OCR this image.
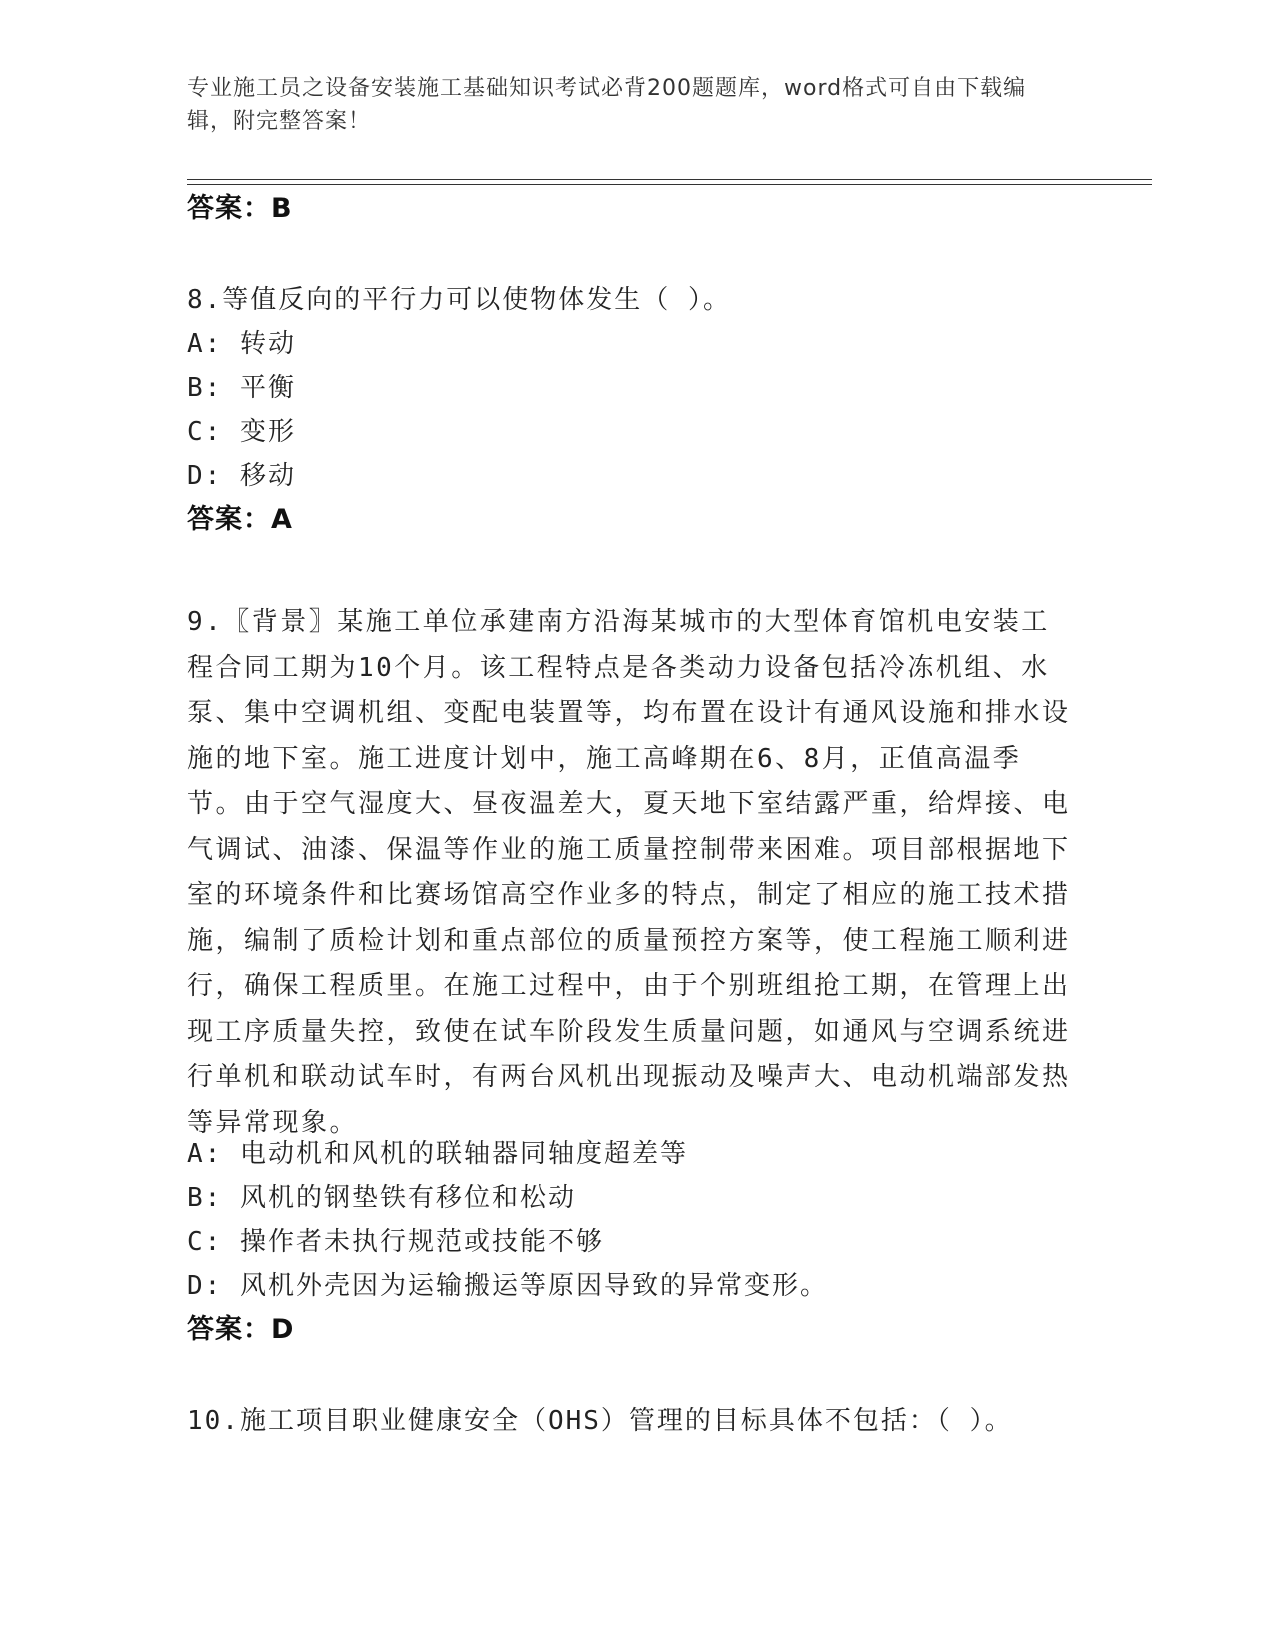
专业施工员之设备安装施工基础知识考试必背200题题库，word格式可自由下载编辑，附完整答案！

答案：B

8.等值反向的平行力可以使物体发生（ ）。

A: 转动

B: 平衡

C: 变形

D: 移动

答案：A

9.〖背景〗某施工单位承建南方沿海某城市的大型体育馆机电安装工程合同工期为10个月。该工程特点是各类动力设备包括冷冻机组、水泵、集中空调机组、变配电装置等，均布置在设计有通风设施和排水设施的地下室。施工进度计划中，施工高峰期在6、8月，正值高温季节。由于空气湿度大、昼夜温差大，夏天地下室结露严重，给焊接、电气调试、油漆、保温等作业的施工质量控制带来困难。项目部根据地下室的环境条件和比赛场馆高空作业多的特点，制定了相应的施工技术措施，编制了质检计划和重点部位的质量预控方案等，使工程施工顺利进行，确保工程质里。在施工过程中，由于个别班组抢工期，在管理上出现工序质量失控，致使在试车阶段发生质量问题，如通风与空调系统进行单机和联动试车时，有两台风机出现振动及噪声大、电动机端部发热等异常现象。

A: 电动机和风机的联轴器同轴度超差等

B: 风机的钢垫铁有移位和松动

C: 操作者未执行规范或技能不够

D: 风机外壳因为运输搬运等原因导致的异常变形。

答案：D

10.施工项目职业健康安全（OHS）管理的目标具体不包括：（ ）。
